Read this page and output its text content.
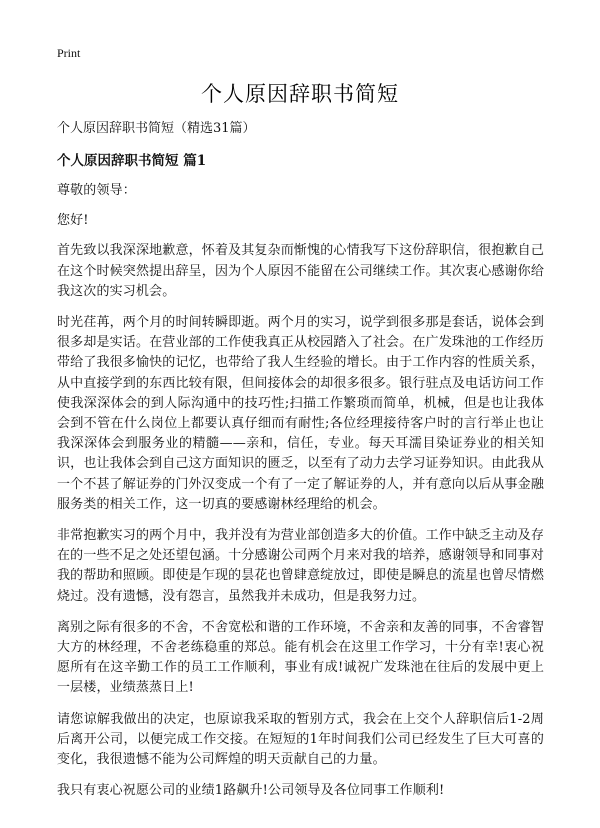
Print
个人原因辞职书简短

个人原因辞职书简短（精选31篇）

个人原因辞职书简短 篇1

尊敬的领导：

您好!

首先致以我深深地歉意，怀着及其复杂而惭愧的心情我写下这份辞职信，很抱歉自己在这个时候突然提出辞呈，因为个人原因不能留在公司继续工作。其次衷心感谢你给我这次的实习机会。

时光荏苒，两个月的时间转瞬即逝。两个月的实习，说学到很多那是套话，说体会到很多却是实话。在营业部的工作使我真正从校园踏入了社会。在广发珠池的工作经历带给了我很多愉快的记忆，也带给了我人生经验的增长。由于工作内容的性质关系，从中直接学到的东西比较有限，但间接体会的却很多很多。银行驻点及电话访问工作使我深深体会的到人际沟通中的技巧性;扫描工作繁琐而简单，机械，但是也让我体会到不管在什么岗位上都要认真仔细而有耐性;各位经理接待客户时的言行举止也让我深深体会到服务业的精髓——亲和，信任，专业。每天耳濡目染证券业的相关知识，也让我体会到自己这方面知识的匮乏，以至有了动力去学习证券知识。由此我从一个不甚了解证券的门外汉变成一个有了一定了解证券的人，并有意向以后从事金融服务类的相关工作，这一切真的要感谢林经理给的机会。

非常抱歉实习的两个月中，我并没有为营业部创造多大的价值。工作中缺乏主动及存在的一些不足之处还望包涵。十分感谢公司两个月来对我的培养，感谢领导和同事对我的帮助和照顾。即使是乍现的昙花也曾肆意绽放过，即使是瞬息的流星也曾尽情燃烧过。没有遗憾，没有怨言，虽然我并未成功，但是我努力过。

离别之际有很多的不舍，不舍宽松和谐的工作环境，不舍亲和友善的同事，不舍睿智大方的林经理，不舍老练稳重的郑总。能有机会在这里工作学习，十分有幸!衷心祝愿所有在这辛勤工作的员工工作顺利，事业有成!诚祝广发珠池在往后的发展中更上一层楼，业绩蒸蒸日上!

请您谅解我做出的决定，也原谅我采取的暂别方式，我会在上交个人辞职信后1-2周后离开公司，以便完成工作交接。在短短的1年时间我们公司已经发生了巨大可喜的变化，我很遗憾不能为公司辉煌的明天贡献自己的力量。

我只有衷心祝愿公司的业绩1路飙升!公司领导及各位同事工作顺利!
